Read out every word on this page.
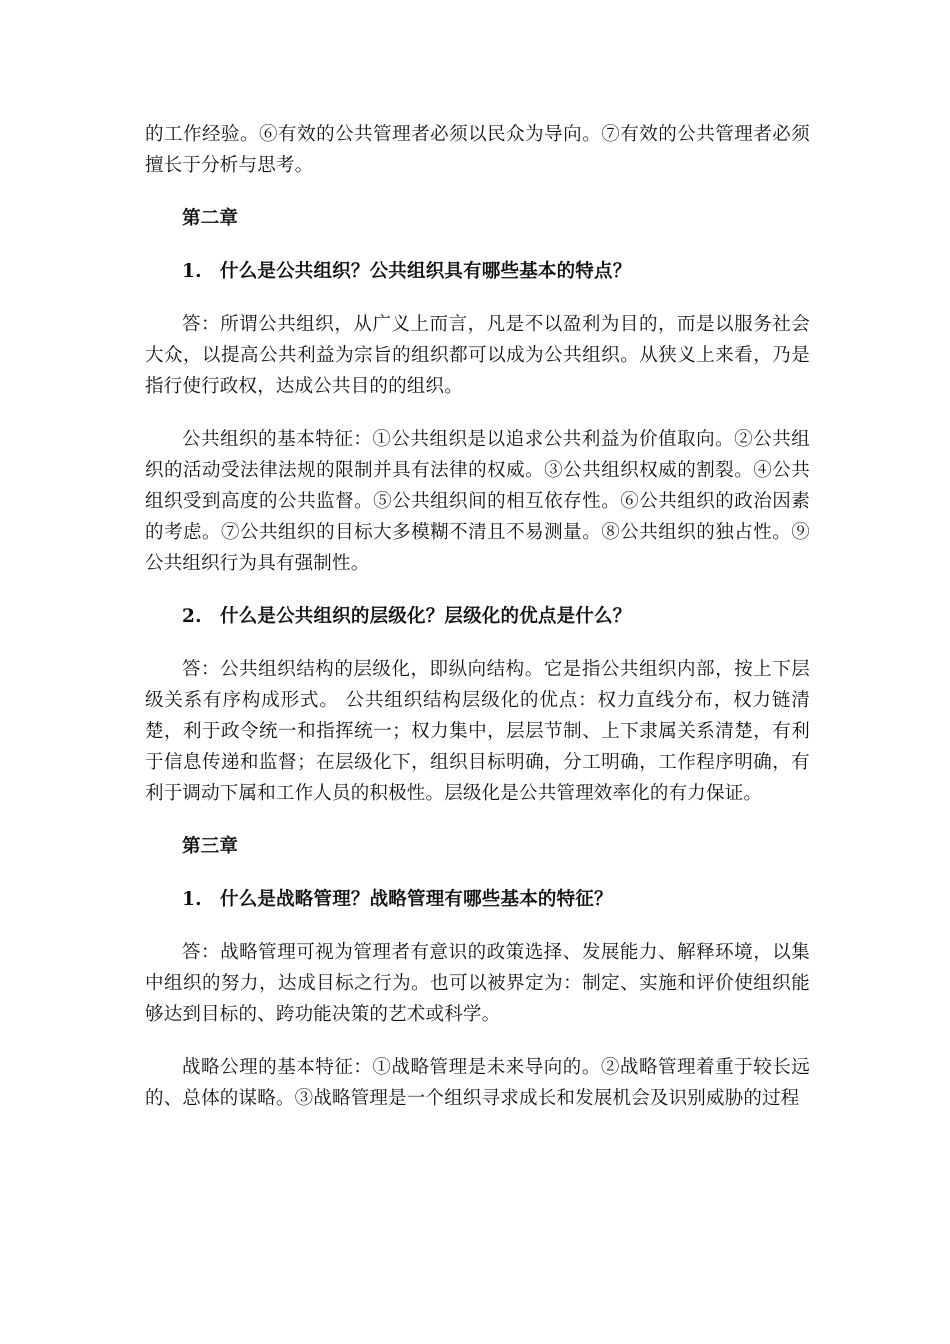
的工作经验。⑥有效的公共管理者必须以民众为导向。⑦有效的公共管理者必须擅长于分析与思考。

第二章

1. 什么是公共组织？公共组织具有哪些基本的特点？

答：所谓公共组织，从广义上而言，凡是不以盈利为目的，而是以服务社会大众，以提高公共利益为宗旨的组织都可以成为公共组织。从狭义上来看，乃是指行使行政权，达成公共目的的组织。

公共组织的基本特征：①公共组织是以追求公共利益为价值取向。②公共组织的活动受法律法规的限制并具有法律的权威。③公共组织权威的割裂。④公共组织受到高度的公共监督。⑤公共组织间的相互依存性。⑥公共组织的政治因素的考虑。⑦公共组织的目标大多模糊不清且不易测量。⑧公共组织的独占性。⑨公共组织行为具有强制性。

2. 什么是公共组织的层级化？层级化的优点是什么？

答：公共组织结构的层级化，即纵向结构。它是指公共组织内部，按上下层级关系有序构成形式。 公共组织结构层级化的优点：权力直线分布，权力链清楚，利于政令统一和指挥统一；权力集中，层层节制、上下隶属关系清楚，有利于信息传递和监督；在层级化下，组织目标明确，分工明确，工作程序明确，有利于调动下属和工作人员的积极性。层级化是公共管理效率化的有力保证。

第三章

1. 什么是战略管理？战略管理有哪些基本的特征？

答：战略管理可视为管理者有意识的政策选择、发展能力、解释环境，以集中组织的努力，达成目标之行为。也可以被界定为：制定、实施和评价使组织能够达到目标的、跨功能决策的艺术或科学。

战略公理的基本特征：①战略管理是未来导向的。②战略管理着重于较长远的、总体的谋略。③战略管理是一个组织寻求成长和发展机会及识别威胁的过程
